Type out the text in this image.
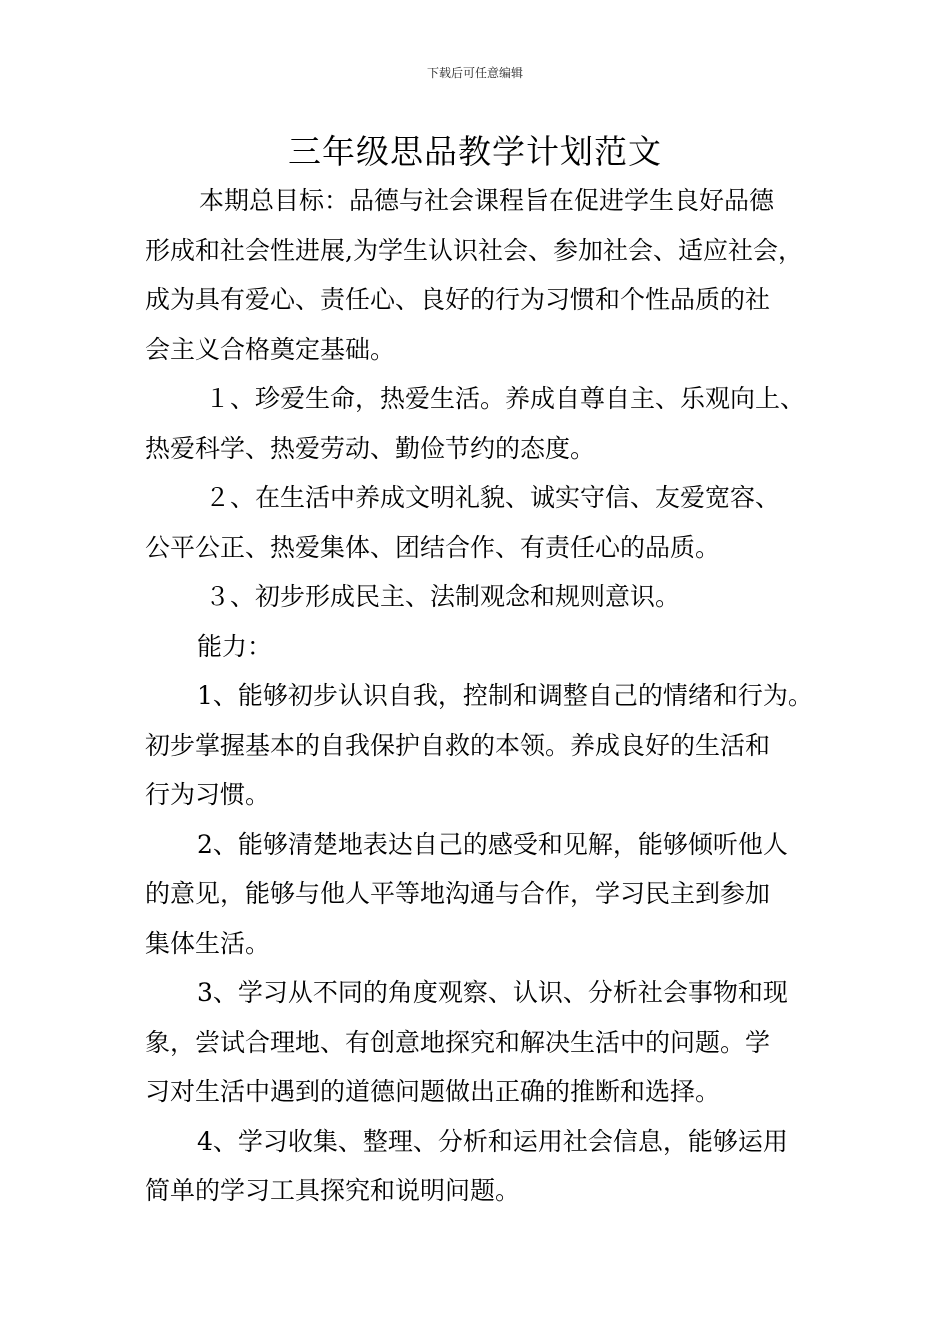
下载后可任意编辑
三年级思品教学计划范文
本期总目标：品德与社会课程旨在促进学生良好品德
形成和社会性进展,为学生认识社会、参加社会、适应社会，
成为具有爱心、责任心、良好的行为习惯和个性品质的社
会主义合格奠定基础。
１、珍爱生命，热爱生活。养成自尊自主、乐观向上、
热爱科学、热爱劳动、勤俭节约的态度。
２、在生活中养成文明礼貌、诚实守信、友爱宽容、
公平公正、热爱集体、团结合作、有责任心的品质。
３、初步形成民主、法制观念和规则意识。
能力：
1、能够初步认识自我，控制和调整自己的情绪和行为。
初步掌握基本的自我保护自救的本领。养成良好的生活和
行为习惯。
2、能够清楚地表达自己的感受和见解，能够倾听他人
的意见，能够与他人平等地沟通与合作，学习民主到参加
集体生活。
3、学习从不同的角度观察、认识、分析社会事物和现
象，尝试合理地、有创意地探究和解决生活中的问题。学
习对生活中遇到的道德问题做出正确的推断和选择。
4、学习收集、整理、分析和运用社会信息，能够运用
简单的学习工具探究和说明问题。
